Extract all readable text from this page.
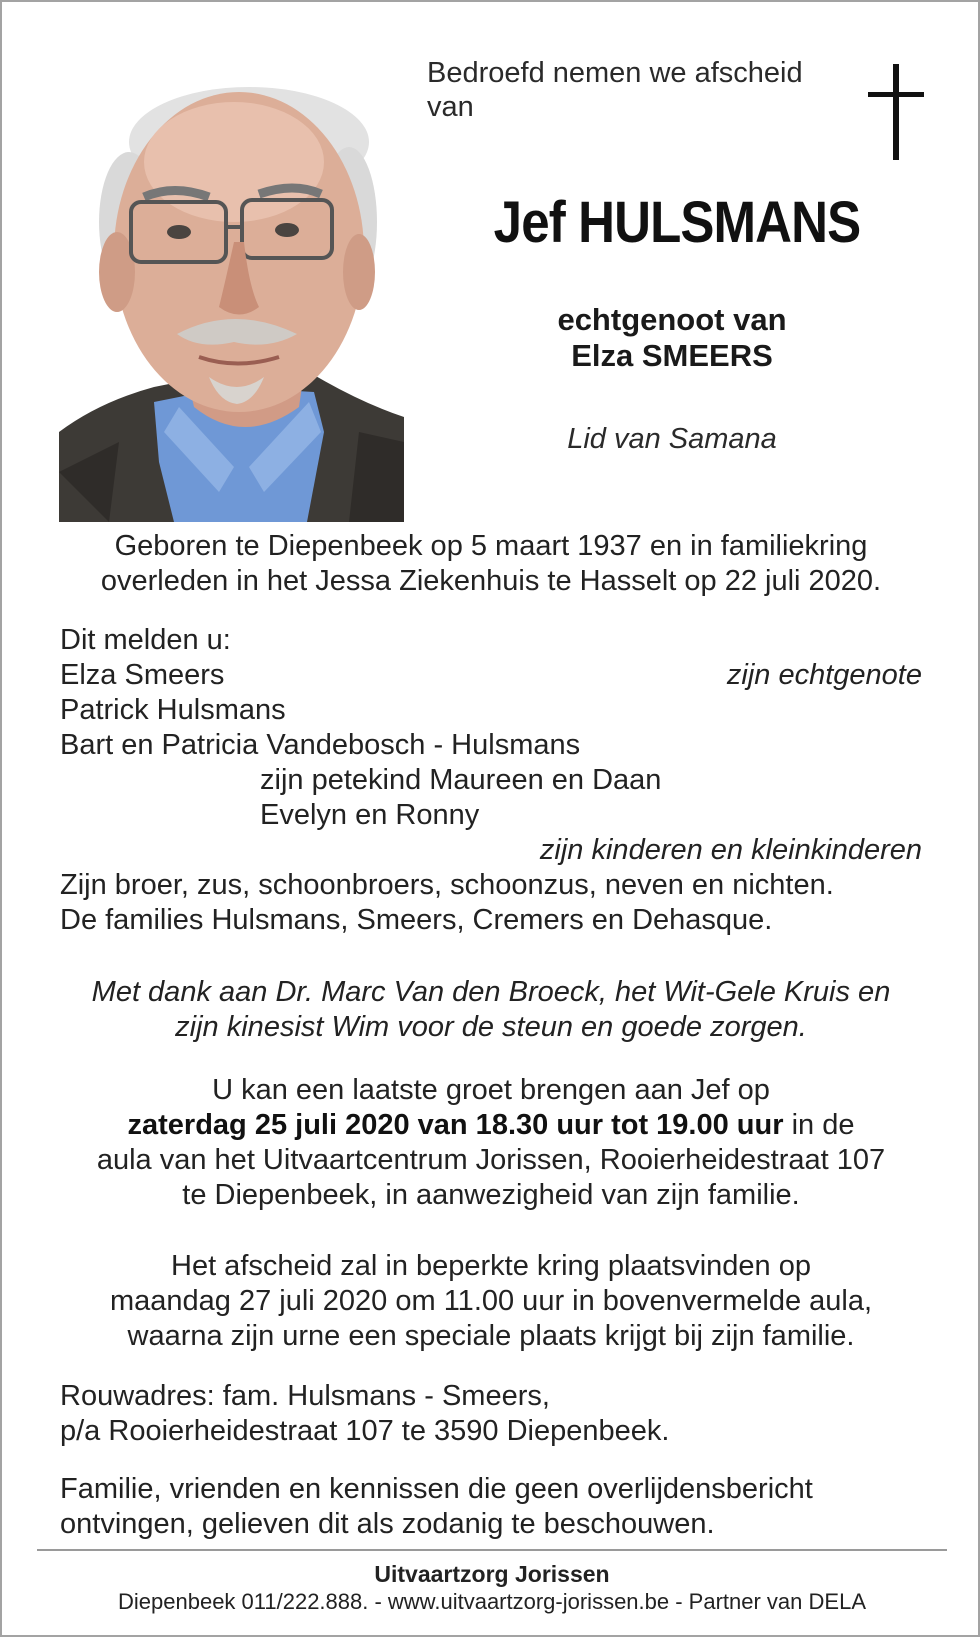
Bedroefd nemen we afscheid van
Jef HULSMANS
echtgenoot van
Elza SMEERS
Lid van Samana
Geboren te Diepenbeek op 5 maart 1937 en in familiekring
overleden in het Jessa Ziekenhuis te Hasselt op 22 juli 2020.
Dit melden u:
Elza Smeers	zijn echtgenote
Patrick Hulsmans
Bart en Patricia Vandebosch - Hulsmans
zijn petekind Maureen en Daan
Evelyn en Ronny
zijn kinderen en kleinkinderen
Zijn broer, zus, schoonbroers, schoonzus, neven en nichten.
De families Hulsmans, Smeers, Cremers en Dehasque.
Met dank aan Dr. Marc Van den Broeck, het Wit-Gele Kruis en
zijn kinesist Wim voor de steun en goede zorgen.
U kan een laatste groet brengen aan Jef op
zaterdag 25 juli 2020 van 18.30 uur tot 19.00 uur in de
aula van het Uitvaartcentrum Jorissen, Rooierheidestraat 107
te Diepenbeek, in aanwezigheid van zijn familie.
Het afscheid zal in beperkte kring plaatsvinden op
maandag 27 juli 2020 om 11.00 uur in bovenvermelde aula,
waarna zijn urne een speciale plaats krijgt bij zijn familie.
Rouwadres: fam. Hulsmans - Smeers,
p/a Rooierheidestraat 107 te 3590 Diepenbeek.
Familie, vrienden en kennissen die geen overlijdensbericht
ontvingen, gelieven dit als zodanig te beschouwen.
Uitvaartzorg Jorissen
Diepenbeek 011/222.888. - www.uitvaartzorg-jorissen.be - Partner van DELA
